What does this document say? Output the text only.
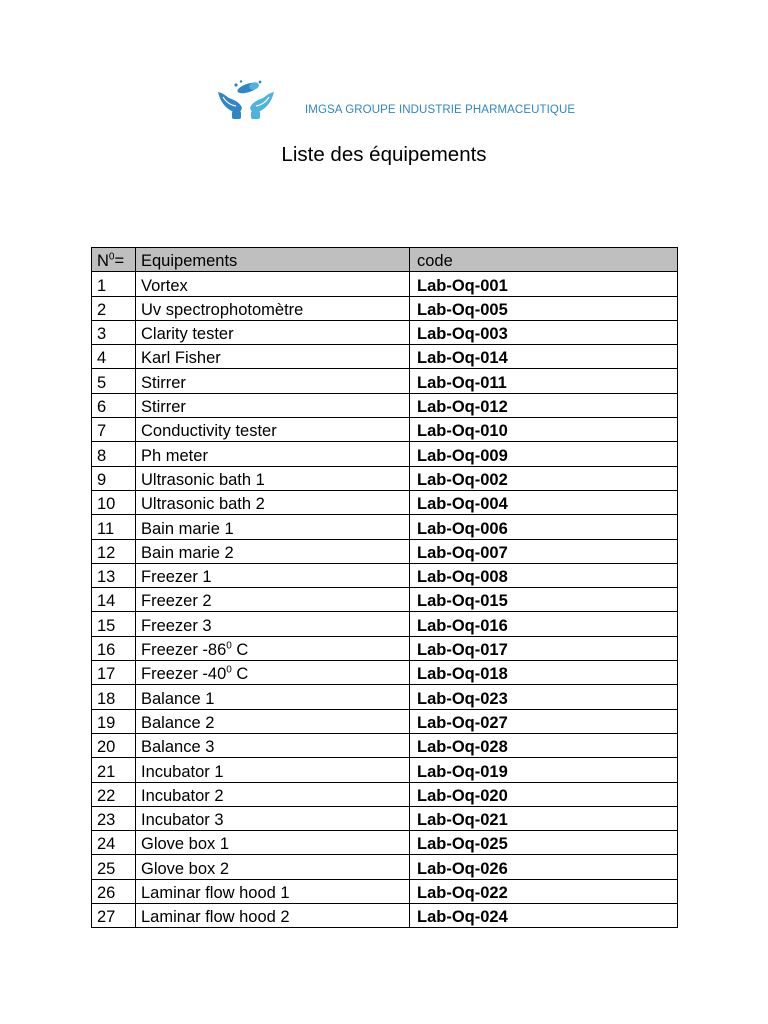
IMGSA GROUPE INDUSTRIE PHARMACEUTIQUE
Liste des équipements
$N^0=$	Equipements	code
1	Vortex	Lab-Oq-001
2	Uv spectrophotomètre	Lab-Oq-005
3	Clarity tester	Lab-Oq-003
4	Karl Fisher	Lab-Oq-014
5	Stirrer	Lab-Oq-011
6	Stirrer	Lab-Oq-012
7	Conductivity tester	Lab-Oq-010
8	Ph meter	Lab-Oq-009
9	Ultrasonic bath 1	Lab-Oq-002
10	Ultrasonic bath 2	Lab-Oq-004
11	Bain marie 1	Lab-Oq-006
12	Bain marie 2	Lab-Oq-007
13	Freezer 1	Lab-Oq-008
14	Freezer 2	Lab-Oq-015
15	Freezer 3	Lab-Oq-016
16	Freezer $-86^0$ C	Lab-Oq-017
17	Freezer $-40^0$ C	Lab-Oq-018
18	Balance 1	Lab-Oq-023
19	Balance 2	Lab-Oq-027
20	Balance 3	Lab-Oq-028
21	Incubator 1	Lab-Oq-019
22	Incubator 2	Lab-Oq-020
23	Incubator 3	Lab-Oq-021
24	Glove box 1	Lab-Oq-025
25	Glove box 2	Lab-Oq-026
26	Laminar flow hood 1	Lab-Oq-022
27	Laminar flow hood 2	Lab-Oq-024
